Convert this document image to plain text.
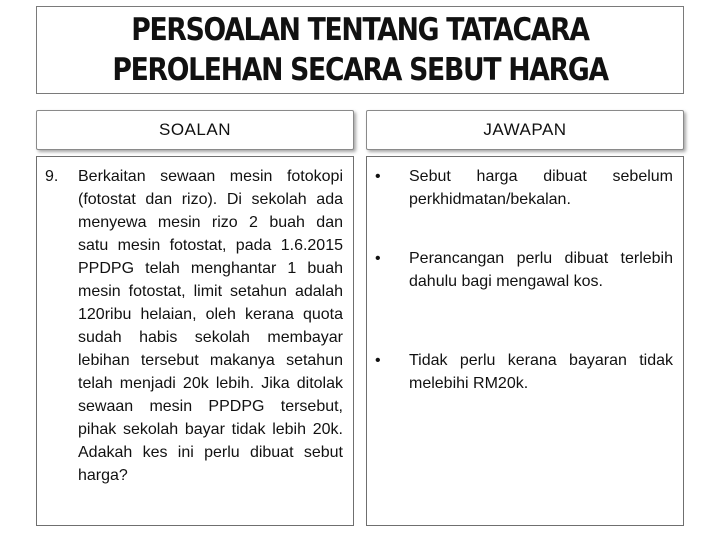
PERSOALAN TENTANG TATACARA
PEROLEHAN SECARA SEBUT HARGA
SOALAN	JAWAPAN
9. Berkaitan sewaan mesin fotokopi (fotostat dan rizo). Di sekolah ada menyewa mesin rizo 2 buah dan satu mesin fotostat, pada 1.6.2015 PPDPG telah menghantar 1 buah mesin fotostat, limit setahun adalah 120ribu helaian, oleh kerana quota sudah habis sekolah membayar lebihan tersebut makanya setahun telah menjadi 20k lebih. Jika ditolak sewaan mesin PPDPG tersebut, pihak sekolah bayar tidak lebih 20k. Adakah kes ini perlu dibuat sebut harga?
• Sebut harga dibuat sebelum perkhidmatan/bekalan.
• Perancangan perlu dibuat terlebih dahulu bagi mengawal kos.
• Tidak perlu kerana bayaran tidak melebihi RM20k.
